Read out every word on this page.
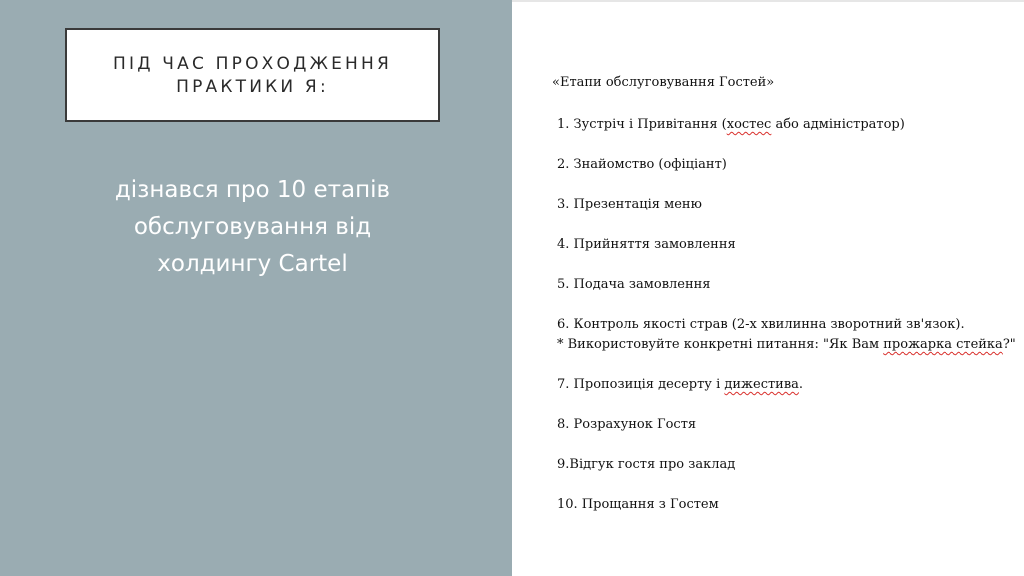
ПІД ЧАС ПРОХОДЖЕННЯ
ПРАКТИКИ Я:
дізнався про 10 етапів
обслуговування від
холдингу Cartel
«Етапи обслуговування Гостей»
1. Зустріч і Привітання (хостес або адміністратор)
2. Знайомство (офіціант)
3. Презентація меню
4. Прийняття замовлення
5. Подача замовлення
6. Контроль якості страв (2-х хвилинна зворотний зв'язок).
* Використовуйте конкретні питання: "Як Вам прожарка стейка?"
7. Пропозиція десерту і дижестива.
8. Розрахунок Гостя
9.Відгук гостя про заклад
10. Прощання з Гостем
